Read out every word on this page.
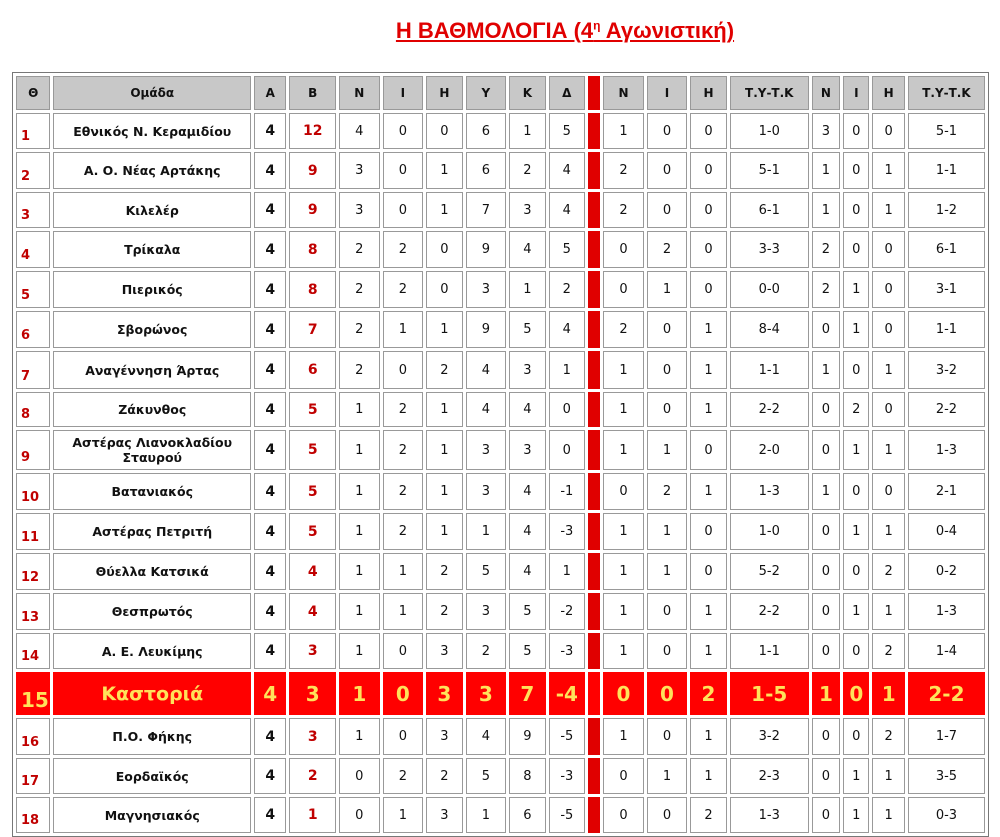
Η ΒΑΘΜΟΛΟΓΙΑ ($4^\eta$ Αγωνιστική)
Θ	Ομάδα	Α	Β	Ν	Ι	Η	Υ	Κ	Δ		Ν	Ι	Η	Τ.Υ-Τ.Κ	Ν	Ι	Η	Τ.Υ-Τ.Κ
1	Εθνικός Ν. Κεραμιδίου	4	12	4	0	0	6	1	5		1	0	0	1-0	3	0	0	5-1
2	Α. Ο. Νέας Αρτάκης	4	9	3	0	1	6	2	4		2	0	0	5-1	1	0	1	1-1
3	Κιλελέρ	4	9	3	0	1	7	3	4		2	0	0	6-1	1	0	1	1-2
4	Τρίκαλα	4	8	2	2	0	9	4	5		0	2	0	3-3	2	0	0	6-1
5	Πιερικός	4	8	2	2	0	3	1	2		0	1	0	0-0	2	1	0	3-1
6	Σβορώνος	4	7	2	1	1	9	5	4		2	0	1	8-4	0	1	0	1-1
7	Αναγέννηση Άρτας	4	6	2	0	2	4	3	1		1	0	1	1-1	1	0	1	3-2
8	Ζάκυνθος	4	5	1	2	1	4	4	0		1	0	1	2-2	0	2	0	2-2
9	Αστέρας Λιανοκλαδίου Σταυρού	4	5	1	2	1	3	3	0		1	1	0	2-0	0	1	1	1-3
10	Βατανιακός	4	5	1	2	1	3	4	-1		0	2	1	1-3	1	0	0	2-1
11	Αστέρας Πετριτή	4	5	1	2	1	1	4	-3		1	1	0	1-0	0	1	1	0-4
12	Θύελλα Κατσικά	4	4	1	1	2	5	4	1		1	1	0	5-2	0	0	2	0-2
13	Θεσπρωτός	4	4	1	1	2	3	5	-2		1	0	1	2-2	0	1	1	1-3
14	Α. Ε. Λευκίμης	4	3	1	0	3	2	5	-3		1	0	1	1-1	0	0	2	1-4
15	Καστοριά	4	3	1	0	3	3	7	-4		0	0	2	1-5	1	0	1	2-2
16	Π.Ο. Φήκης	4	3	1	0	3	4	9	-5		1	0	1	3-2	0	0	2	1-7
17	Εορδαϊκός	4	2	0	2	2	5	8	-3		0	1	1	2-3	0	1	1	3-5
18	Μαγνησιακός	4	1	0	1	3	1	6	-5		0	0	2	1-3	0	1	1	0-3
